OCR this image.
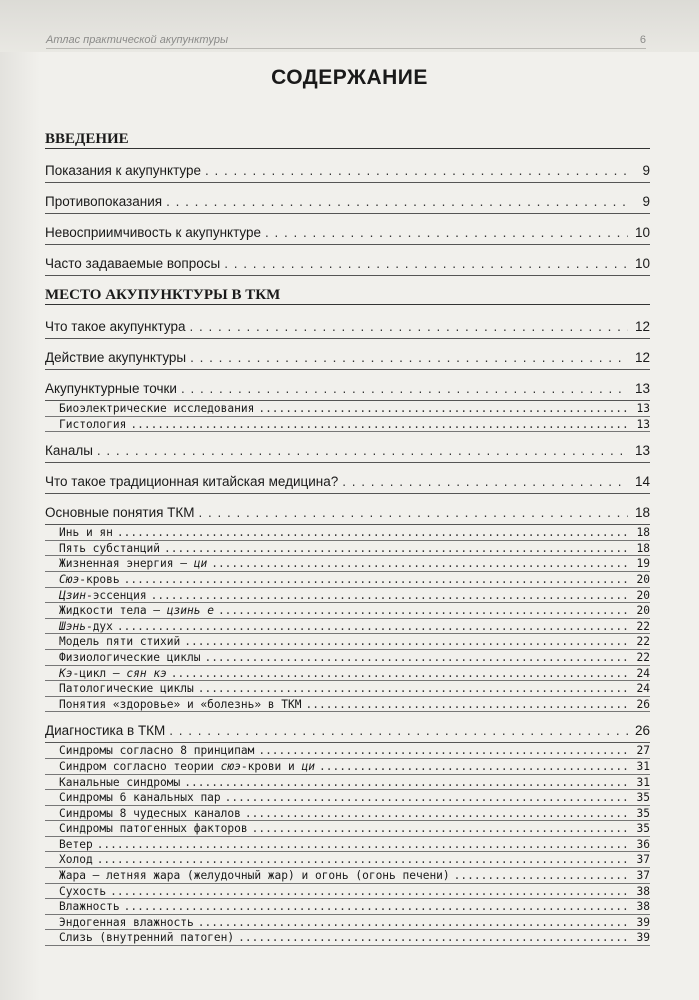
Атлас практической акупунктуры	6
СОДЕРЖАНИЕ
ВВЕДЕНИЕ
Показания к акупунктуре . . .	9
Противопоказания . . .	9
Невосприимчивость к акупунктуре . . .	10
Часто задаваемые вопросы . . .	10
МЕСТО АКУПУНКТУРЫ В ТКМ
Что такое акупунктура . . .	12
Действие акупунктуры . . .	12
Акупунктурные точки . . .	13
Биоэлектрические исследования .....	13
Гистология .....	13
Каналы . . .	13
Что такое традиционная китайская медицина? . . .	14
Основные понятия ТКМ . . .	18
Инь и ян .....	18
Пять субстанций .....	18
Жизненная энергия — ци .....	19
Сюэ-кровь .....	20
Цзин-эссенция .....	20
Жидкости тела — цзинь е .....	20
Шэнь-дух .....	22
Модель пяти стихий .....	22
Физиологические циклы .....	22
Кэ-цикл — сян кэ .....	24
Патологические циклы .....	24
Понятия «здоровье» и «болезнь» в ТКМ .....	26
Диагностика в ТКМ . . .	26
Синдромы согласно 8 принципам .....	27
Синдром согласно теории сюэ-крови и ци .....	31
Канальные синдромы .....	31
Синдромы 6 канальных пар .....	35
Синдромы 8 чудесных каналов .....	35
Синдромы патогенных факторов .....	35
Ветер .....	36
Холод .....	37
Жара — летняя жара (желудочный жар) и огонь (огонь печени) .....	37
Сухость .....	38
Влажность .....	38
Эндогенная влажность .....	39
Слизь (внутренний патоген) .....	39
